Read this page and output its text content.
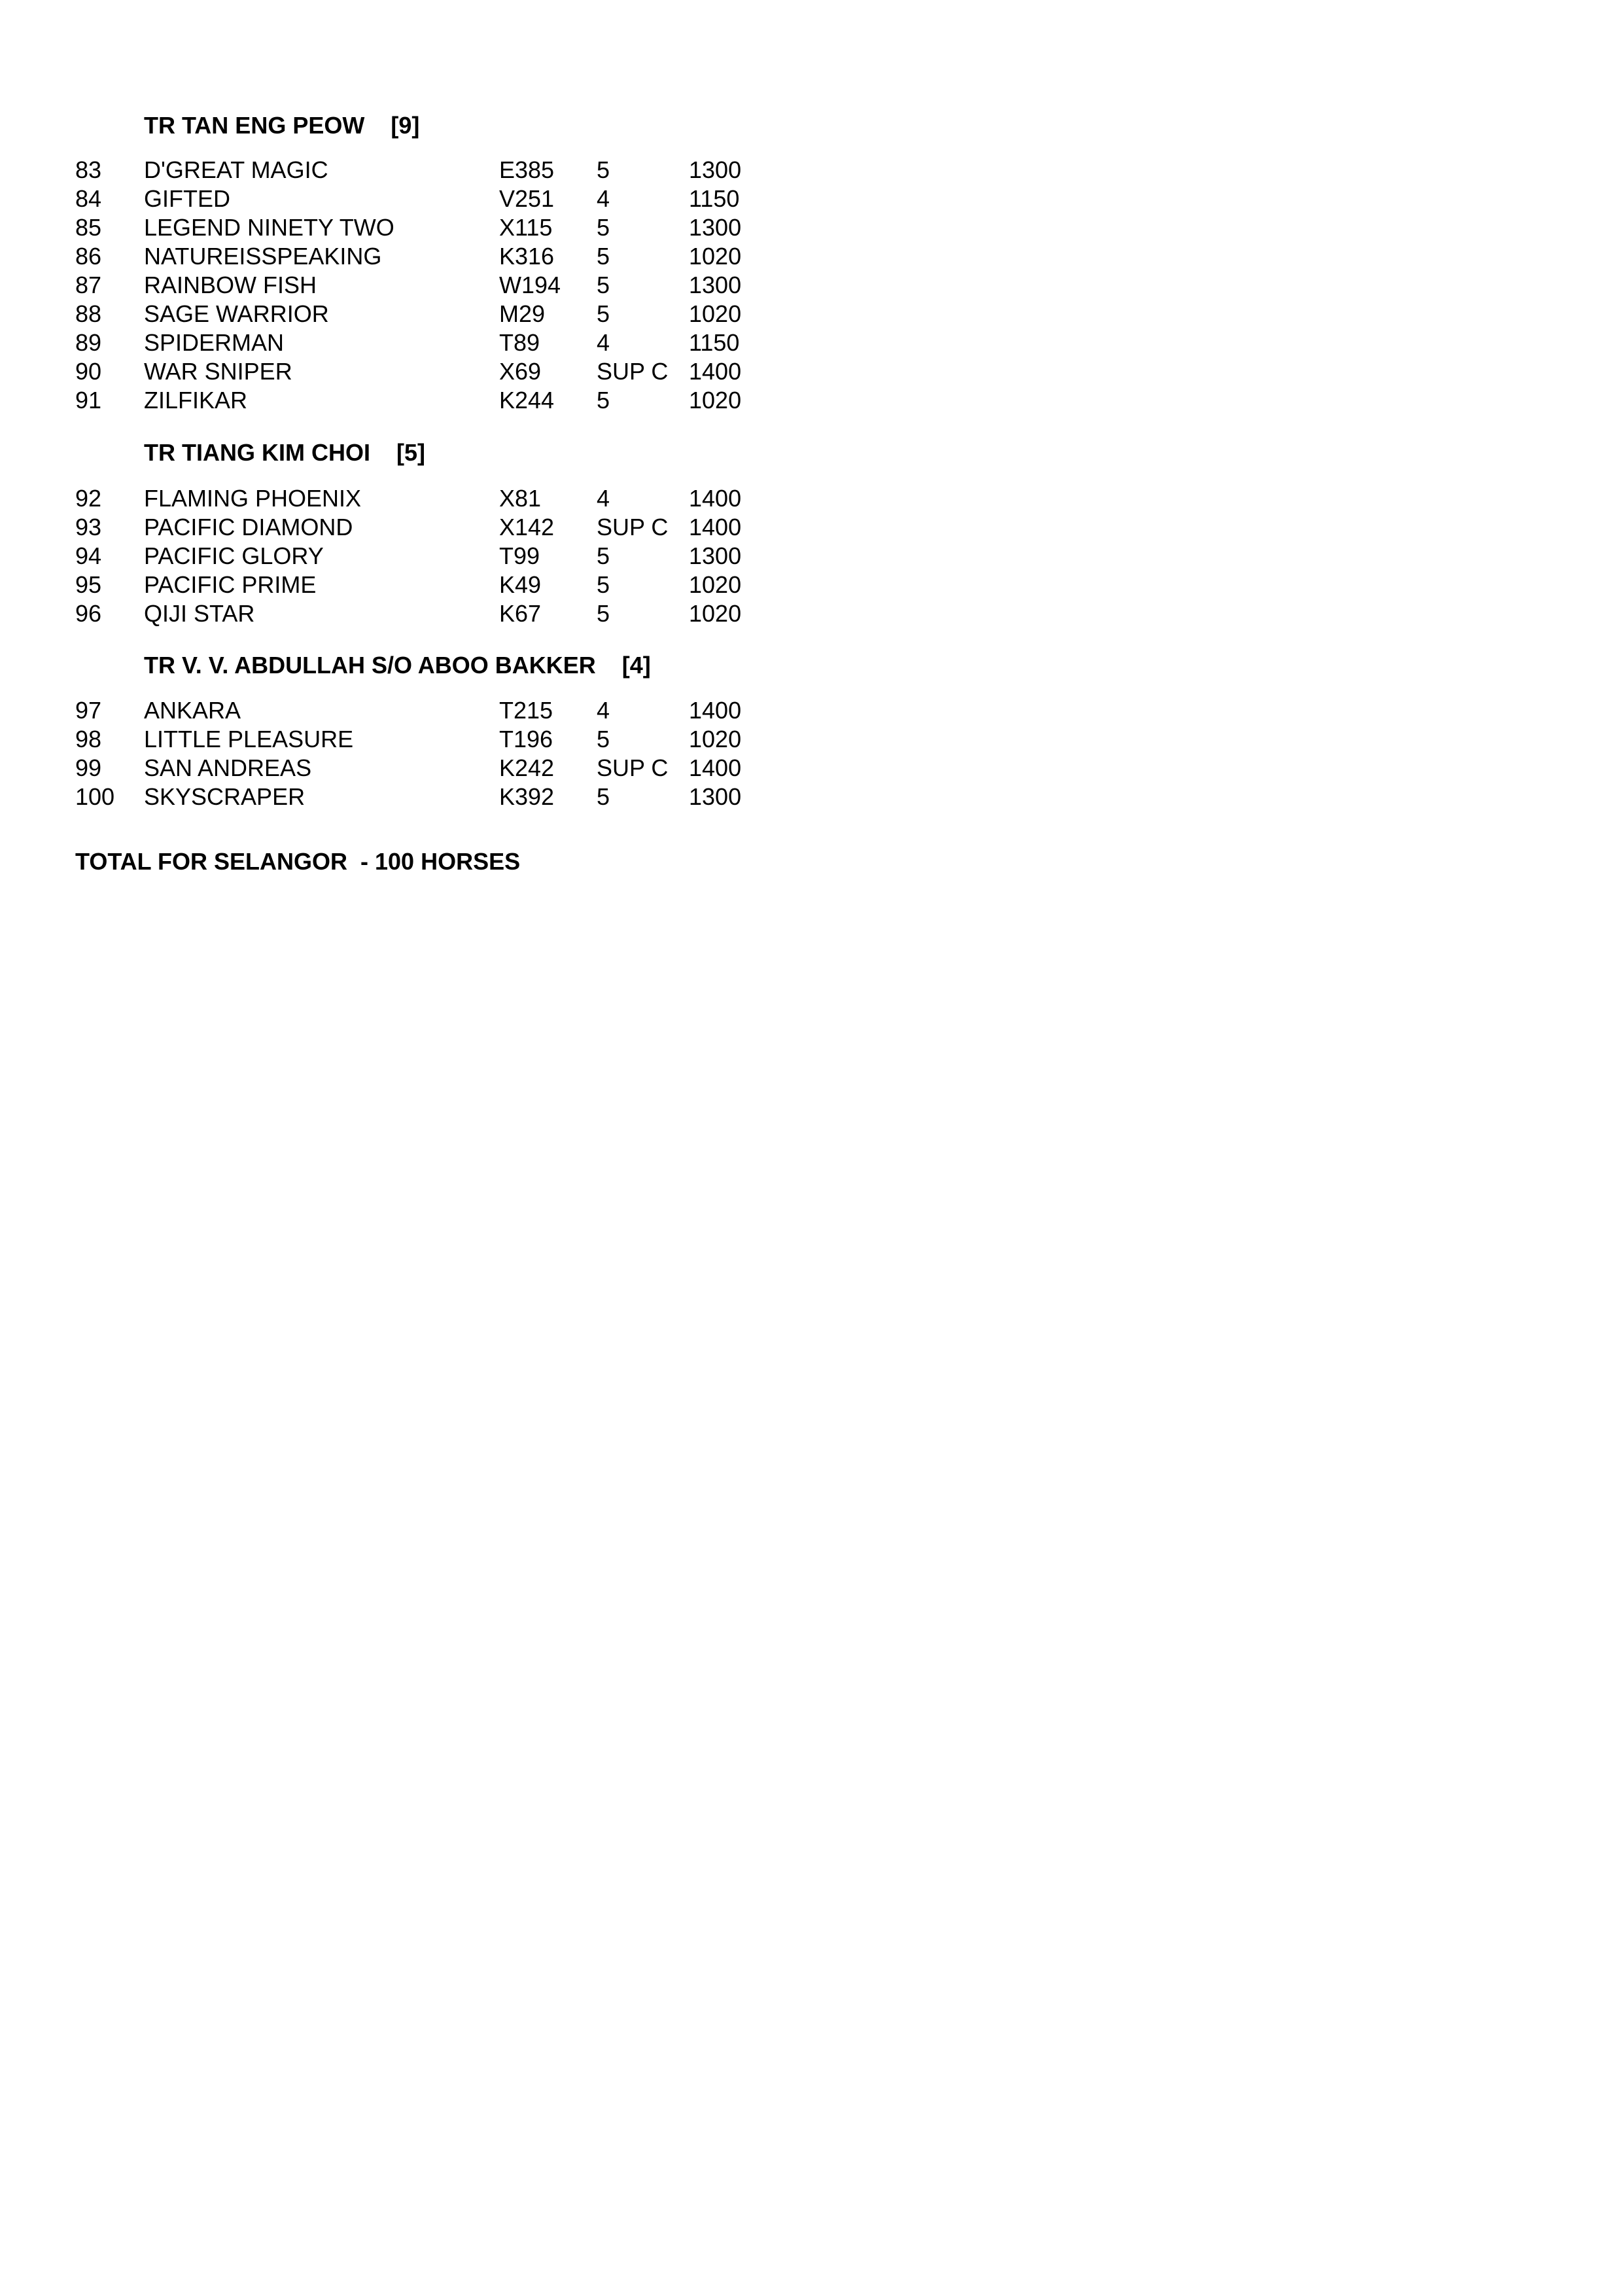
TR TAN ENG PEOW [9]
83 D'GREAT MAGIC	E385 5	1300
84 GIFTED	V251 4	1150
85 LEGEND NINETY TWO	X115 5	1300
86 NATUREISSPEAKING	K316 5	1020
87 RAINBOW FISH	W194 5	1300
88 SAGE WARRIOR	M29 5	1020
89 SPIDERMAN	T89 4	1150
90 WAR SNIPER	X69 SUP C 1400
91 ZILFIKAR	K244 5	1020
TR TIANG KIM CHOI [5]
92 FLAMING PHOENIX	X81 4	1400
93 PACIFIC DIAMOND	X142 SUP C 1400
94 PACIFIC GLORY	T99 5	1300
95 PACIFIC PRIME	K49 5	1020
96 QIJI STAR	K67 5	1020
TR V. V. ABDULLAH S/O ABOO BAKKER [4]
97 ANKARA	T215 4	1400
98 LITTLE PLEASURE	T196 5	1020
99 SAN ANDREAS	K242 SUP C 1400
100 SKYSCRAPER	K392 5	1300
TOTAL FOR SELANGOR  - 100 HORSES
